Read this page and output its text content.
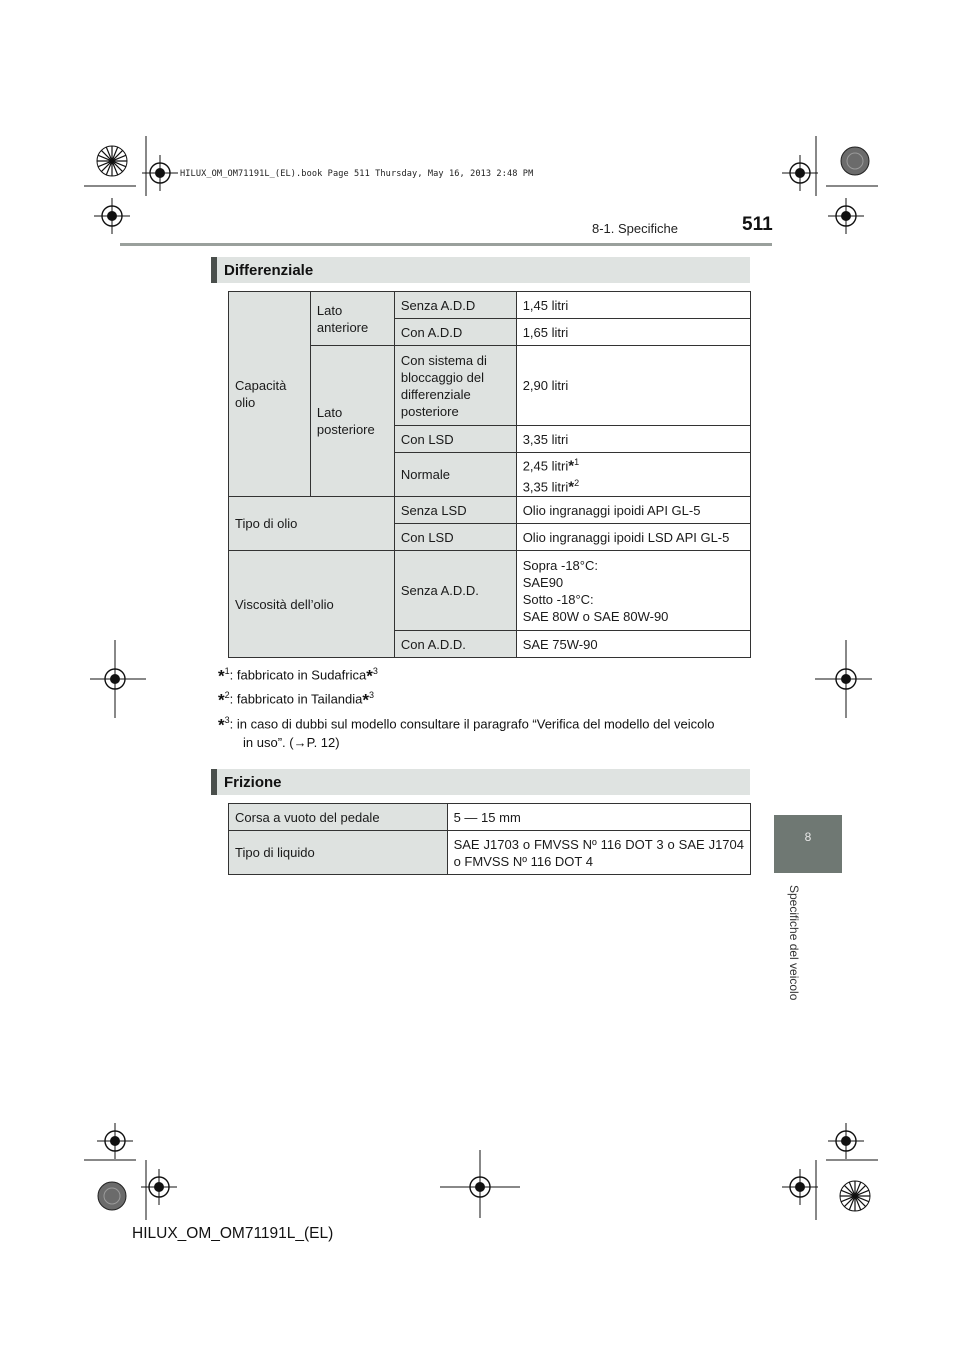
HILUX_OM_OM71191L_(EL).book Page 511 Thursday, May 16, 2013 2:48 PM
8-1. Specifiche	511
8
Specifiche del veicolo
Differenziale
Capacità olio	Lato anteriore	Senza A.D.D	1,45 litri
		Con A.D.D	1,65 litri
	Lato posteriore	Con sistema di bloccaggio del differenziale posteriore	2,90 litri
		Con LSD	3,35 litri
		Normale	2,45 litri*$^1$
3,35 litri*$^2$
Tipo di olio		Senza LSD	Olio ingranaggi ipoidi API GL-5
		Con LSD	Olio ingranaggi ipoidi LSD API GL-5
Viscosità dell’olio		Senza A.D.D.	Sopra -18°C:
SAE90
Sotto -18°C:
SAE 80W o SAE 80W-90

		Con A.D.D.	SAE 75W-90
*$^1$: fabbricato in Sudafrica*$^3$
*$^2$: fabbricato in Tailandia*$^3$
*$^3$: in caso di dubbi sul modello consultare il paragrafo “Verifica del modello del veicolo
in uso”. (→P. 12)
Frizione
Corsa a vuoto del pedale	5 — 15 mm
Tipo di liquido	SAE J1703 o FMVSS Nº 116 DOT 3 o SAE J1704 o FMVSS Nº 116 DOT 4
HILUX_OM_OM71191L_(EL)
